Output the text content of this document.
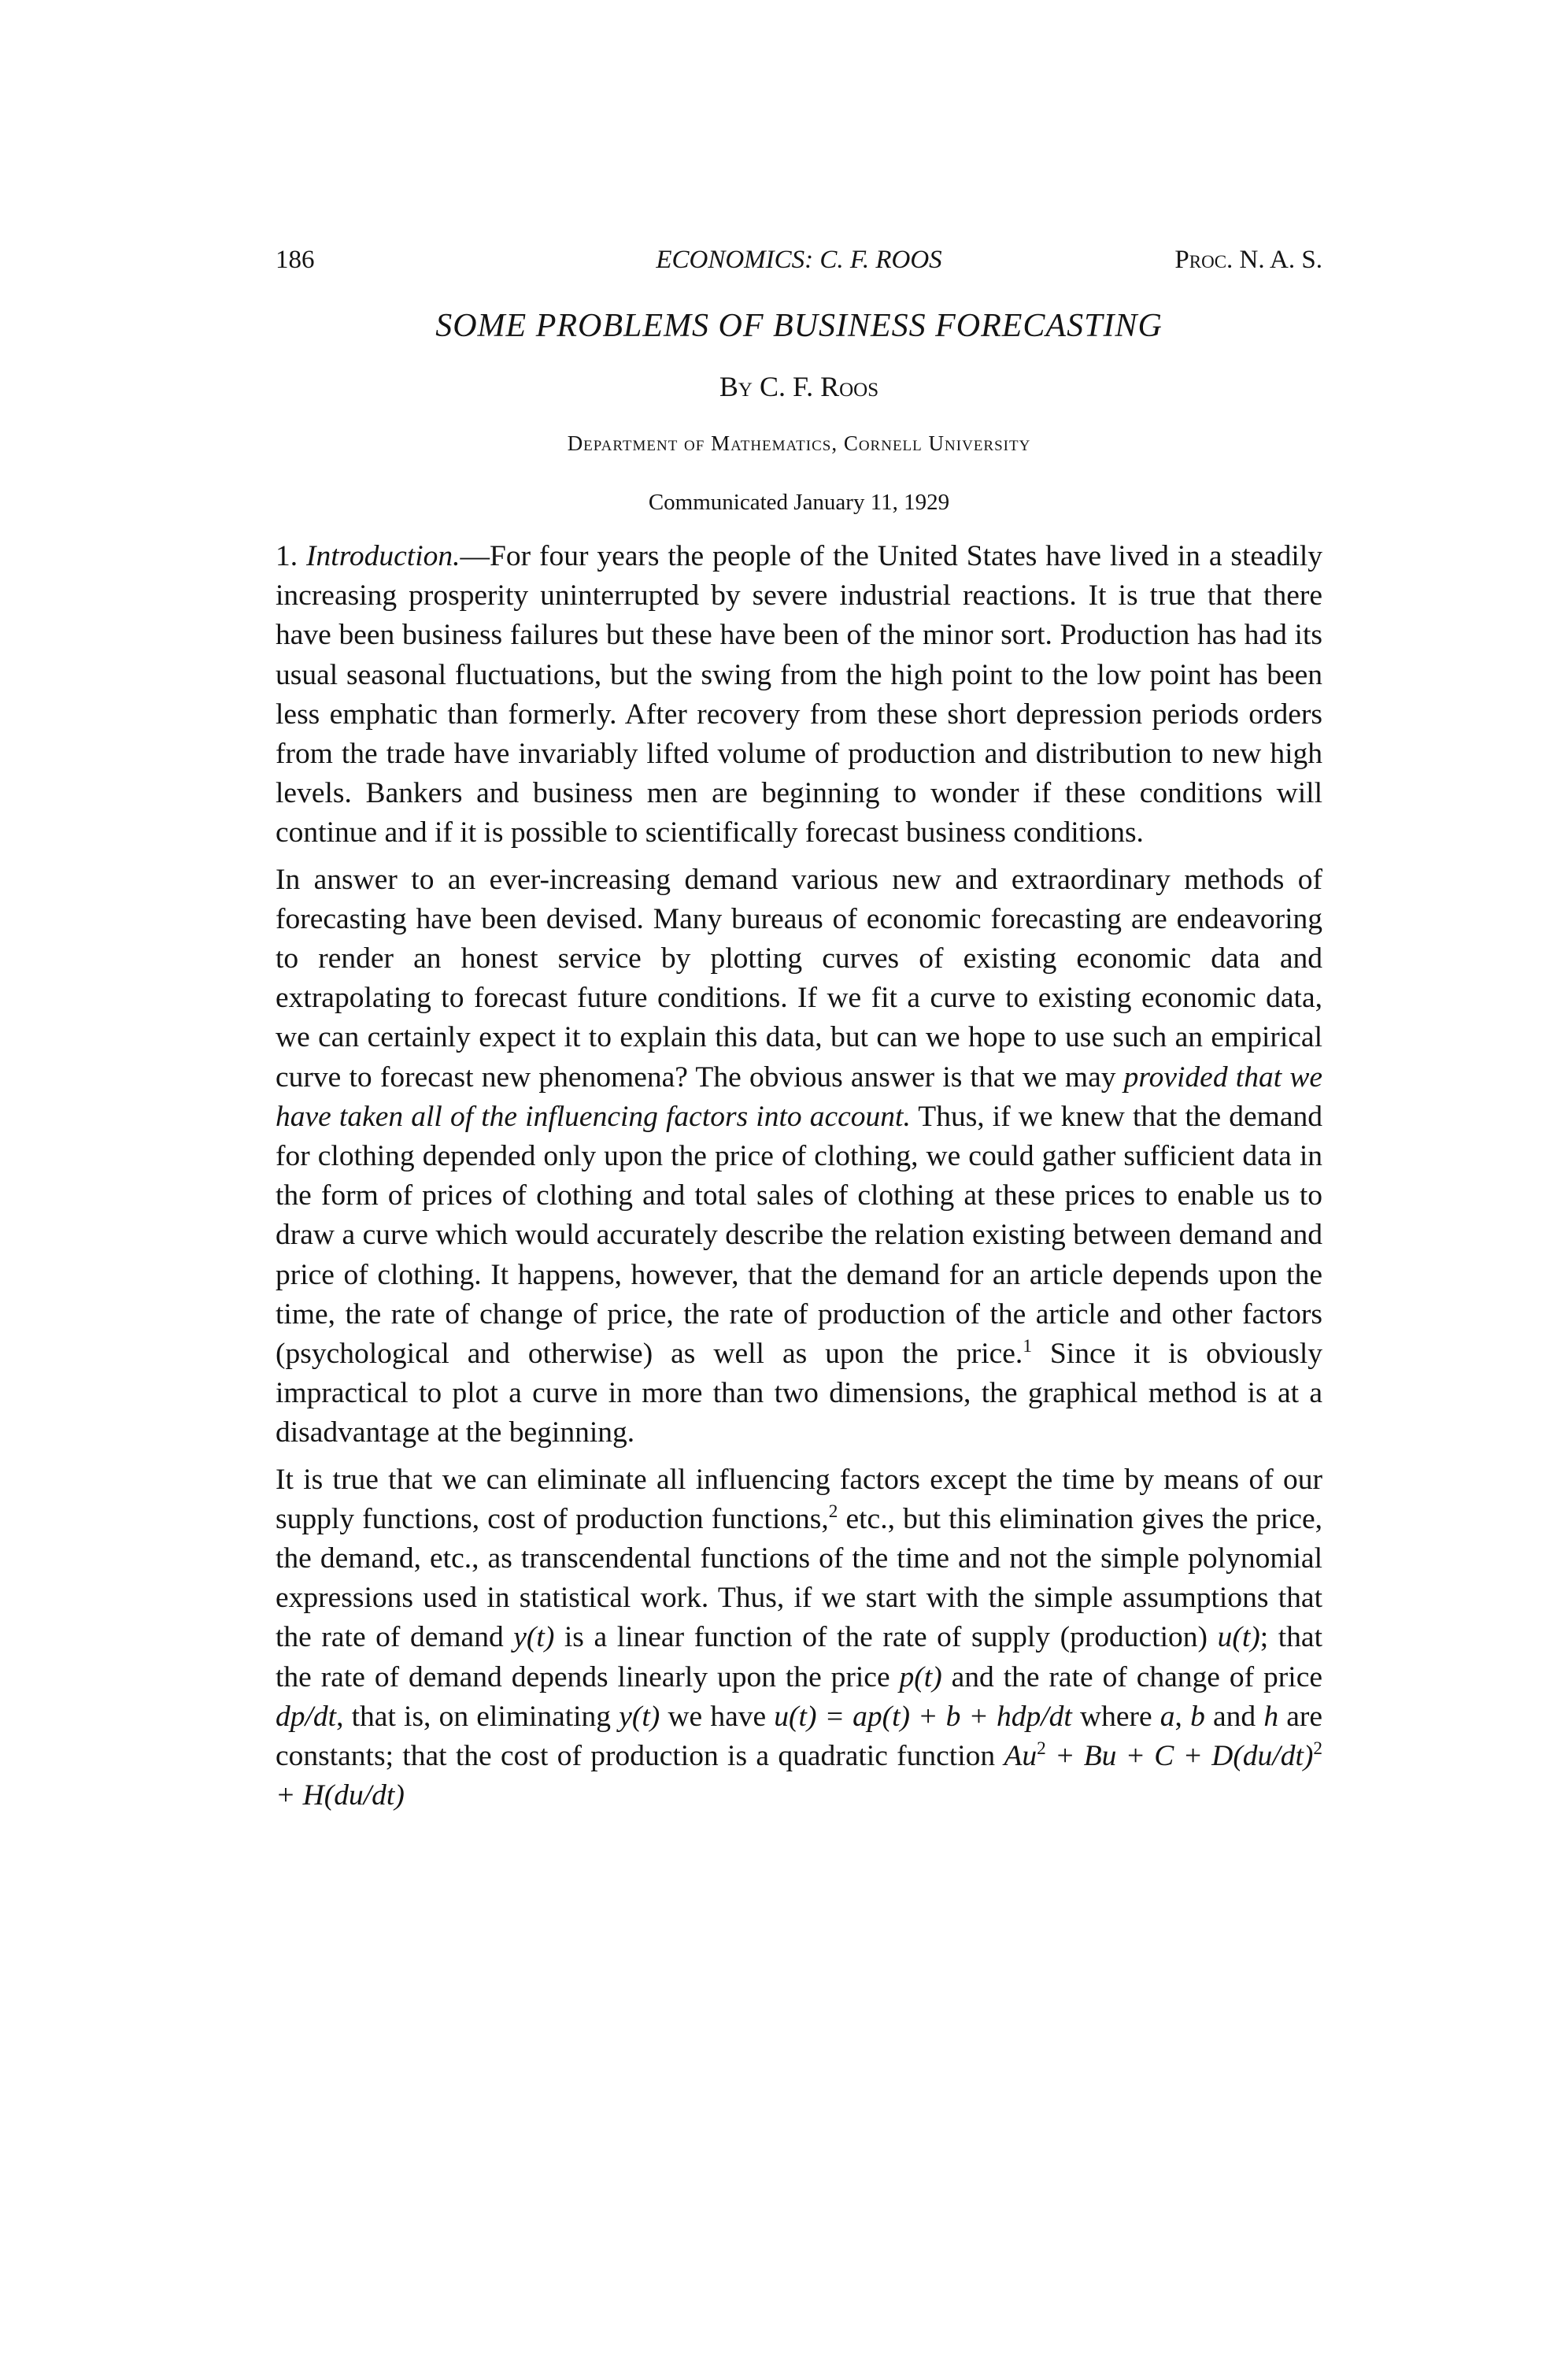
186	ECONOMICS: C. F. ROOS	Proc. N. A. S.
SOME PROBLEMS OF BUSINESS FORECASTING
By C. F. Roos
Department of Mathematics, Cornell University
Communicated January 11, 1929

1. Introduction.—For four years the people of the United States have lived in a steadily increasing prosperity uninterrupted by severe industrial reactions. It is true that there have been business failures but these have been of the minor sort. Production has had its usual seasonal fluctuations, but the swing from the high point to the low point has been less emphatic than formerly. After recovery from these short depression periods orders from the trade have invariably lifted volume of production and distribution to new high levels. Bankers and business men are beginning to wonder if these conditions will continue and if it is possible to scientifically forecast business conditions.

In answer to an ever-increasing demand various new and extraordinary methods of forecasting have been devised. Many bureaus of economic forecasting are endeavoring to render an honest service by plotting curves of existing economic data and extrapolating to forecast future conditions. If we fit a curve to existing economic data, we can certainly expect it to explain this data, but can we hope to use such an empirical curve to forecast new phenomena? The obvious answer is that we may provided that we have taken all of the influencing factors into account. Thus, if we knew that the demand for clothing depended only upon the price of clothing, we could gather sufficient data in the form of prices of clothing and total sales of clothing at these prices to enable us to draw a curve which would accurately describe the relation existing between demand and price of clothing. It happens, however, that the demand for an article depends upon the time, the rate of change of price, the rate of production of the article and other factors (psychological and otherwise) as well as upon the price.$^1$ Since it is obviously impractical to plot a curve in more than two dimensions, the graphical method is at a disadvantage at the beginning.

It is true that we can eliminate all influencing factors except the time by means of our supply functions, cost of production functions,$^2$ etc., but this elimination gives the price, the demand, etc., as transcendental functions of the time and not the simple polynomial expressions used in statistical work. Thus, if we start with the simple assumptions that the rate of demand y(t) is a linear function of the rate of supply (production) u(t); that the rate of demand depends linearly upon the price p(t) and the rate of change of price dp/dt, that is, on eliminating y(t) we have u(t) = ap(t) + b + hdp/dt where a, b and h are constants; that the cost of production is a quadratic function $Au^2 + Bu + C + D(du/dt)^2 + H(du/dt)$
